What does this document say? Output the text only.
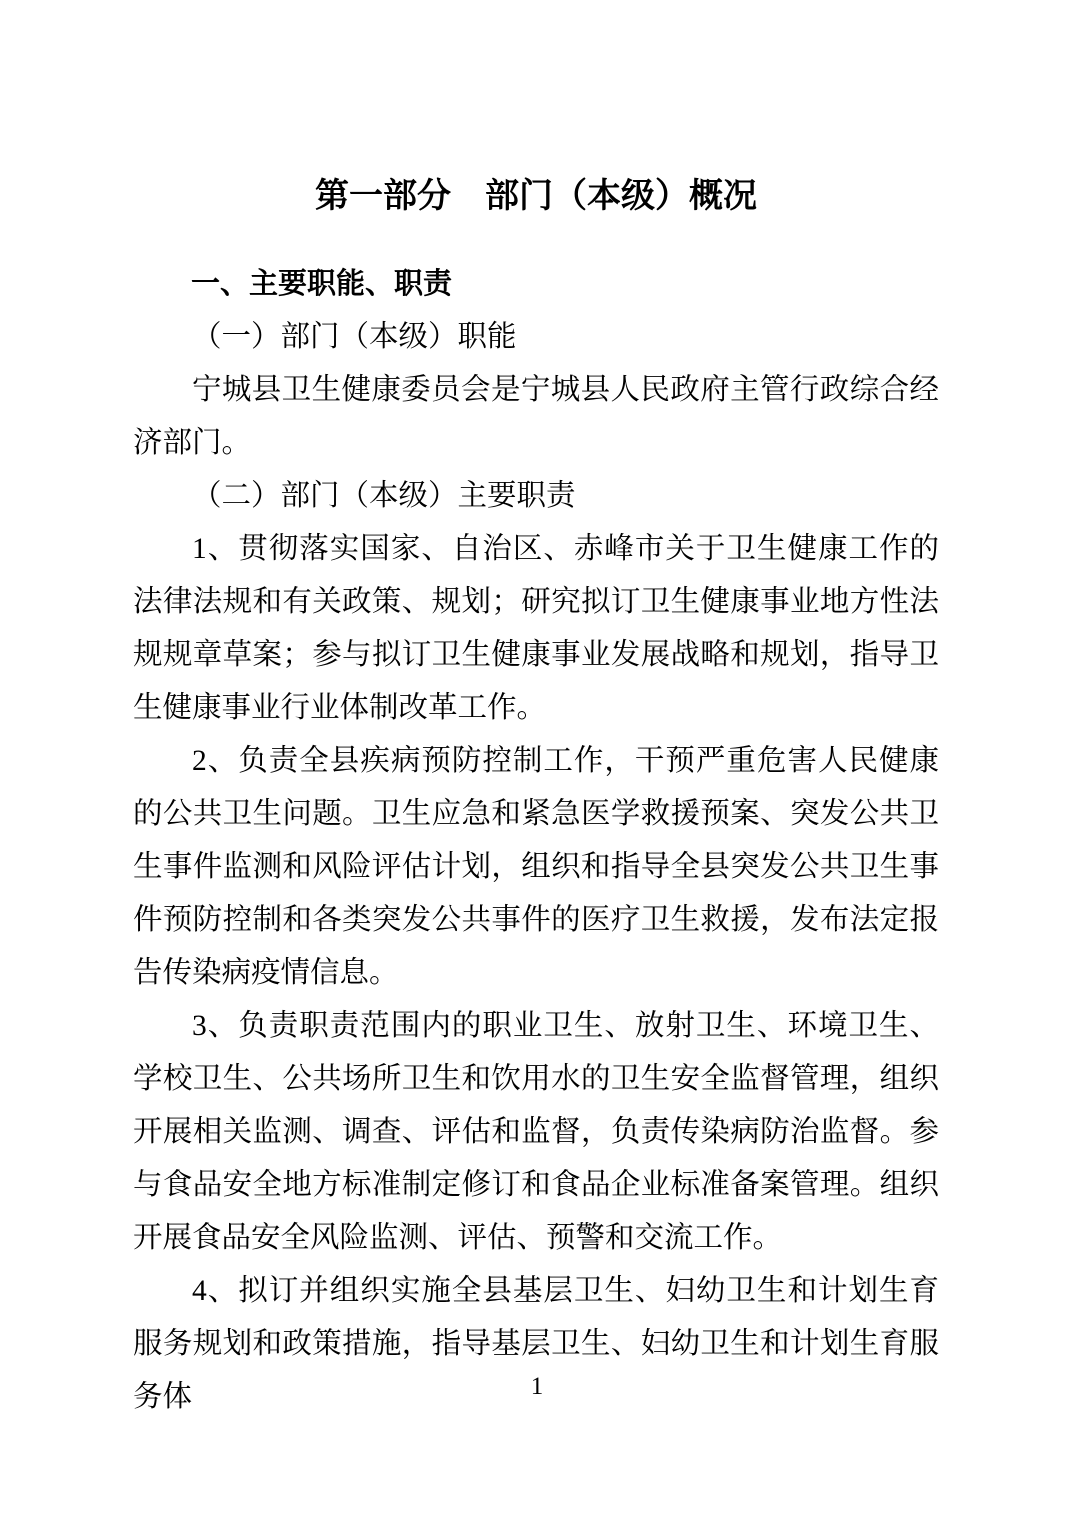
第一部分　部门（本级）概况
一、主要职能、职责
（一）部门（本级）职能

宁城县卫生健康委员会是宁城县人民政府主管行政综合经济部门。

（二）部门（本级）主要职责

1、贯彻落实国家、自治区、赤峰市关于卫生健康工作的法律法规和有关政策、规划；研究拟订卫生健康事业地方性法规规章草案；参与拟订卫生健康事业发展战略和规划，指导卫生健康事业行业体制改革工作。

2、负责全县疾病预防控制工作，干预严重危害人民健康的公共卫生问题。卫生应急和紧急医学救援预案、突发公共卫生事件监测和风险评估计划，组织和指导全县突发公共卫生事件预防控制和各类突发公共事件的医疗卫生救援，发布法定报告传染病疫情信息。

3、负责职责范围内的职业卫生、放射卫生、环境卫生、学校卫生、公共场所卫生和饮用水的卫生安全监督管理，组织开展相关监测、调查、评估和监督，负责传染病防治监督。参与食品安全地方标准制定修订和食品企业标准备案管理。组织开展食品安全风险监测、评估、预警和交流工作。

4、拟订并组织实施全县基层卫生、妇幼卫生和计划生育服务规划和政策措施，指导基层卫生、妇幼卫生和计划生育服务体	1
